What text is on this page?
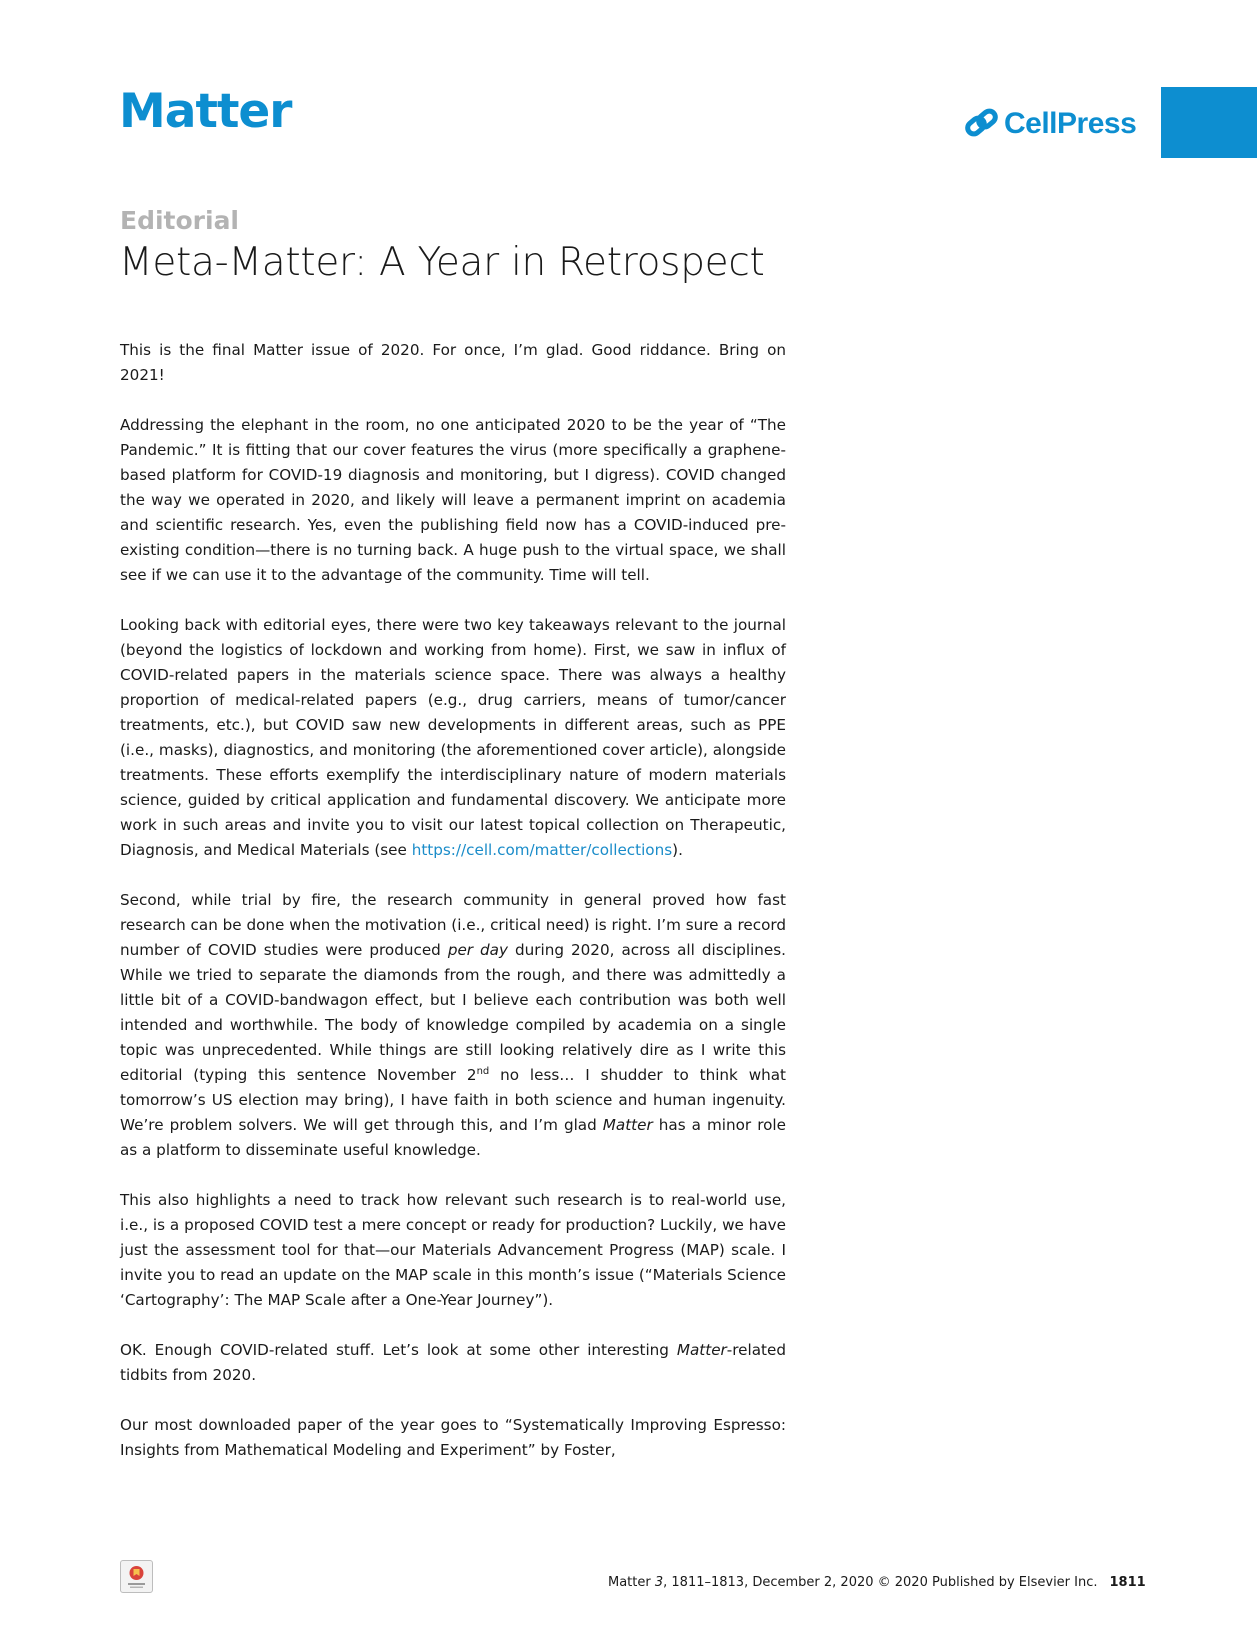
Matter	CellPress
Editorial
Meta-Matter: A Year in Retrospect

This is the final Matter issue of 2020. For once, I’m glad. Good riddance. Bring on 2021!

Addressing the elephant in the room, no one anticipated 2020 to be the year of “The Pandemic.” It is fitting that our cover features the virus (more specifically a graphene-based platform for COVID-19 diagnosis and monitoring, but I digress). COVID changed the way we operated in 2020, and likely will leave a permanent imprint on academia and scientific research. Yes, even the publishing field now has a COVID-induced pre-existing condition—there is no turning back. A huge push to the virtual space, we shall see if we can use it to the advantage of the community. Time will tell.

Looking back with editorial eyes, there were two key takeaways relevant to the journal (beyond the logistics of lockdown and working from home). First, we saw in influx of COVID-related papers in the materials science space. There was always a healthy proportion of medical-related papers (e.g., drug carriers, means of tumor/cancer treatments, etc.), but COVID saw new developments in different areas, such as PPE (i.e., masks), diagnostics, and monitoring (the aforementioned cover article), alongside treatments. These efforts exemplify the interdisciplinary nature of modern materials science, guided by critical application and fundamental discovery. We anticipate more work in such areas and invite you to visit our latest topical collection on Therapeutic, Diagnosis, and Medical Materials (see https://cell.com/matter/collections).

Second, while trial by fire, the research community in general proved how fast research can be done when the motivation (i.e., critical need) is right. I’m sure a record number of COVID studies were produced per day during 2020, across all disciplines. While we tried to separate the diamonds from the rough, and there was admittedly a little bit of a COVID-bandwagon effect, but I believe each contribution was both well intended and worthwhile. The body of knowledge compiled by academia on a single topic was unprecedented. While things are still looking relatively dire as I write this editorial (typing this sentence November 2nd no less… I shudder to think what tomorrow’s US election may bring), I have faith in both science and human ingenuity. We’re problem solvers. We will get through this, and I’m glad Matter has a minor role as a platform to disseminate useful knowledge.

This also highlights a need to track how relevant such research is to real-world use, i.e., is a proposed COVID test a mere concept or ready for production? Luckily, we have just the assessment tool for that—our Materials Advancement Progress (MAP) scale. I invite you to read an update on the MAP scale in this month’s issue (“Materials Science ‘Cartography’: The MAP Scale after a One-Year Journey”).

OK. Enough COVID-related stuff. Let’s look at some other interesting Matter-related tidbits from 2020.

Our most downloaded paper of the year goes to “Systematically Improving Espresso: Insights from Mathematical Modeling and Experiment” by Foster,

Matter 3, 1811–1813, December 2, 2020 © 2020 Published by Elsevier Inc. 1811
